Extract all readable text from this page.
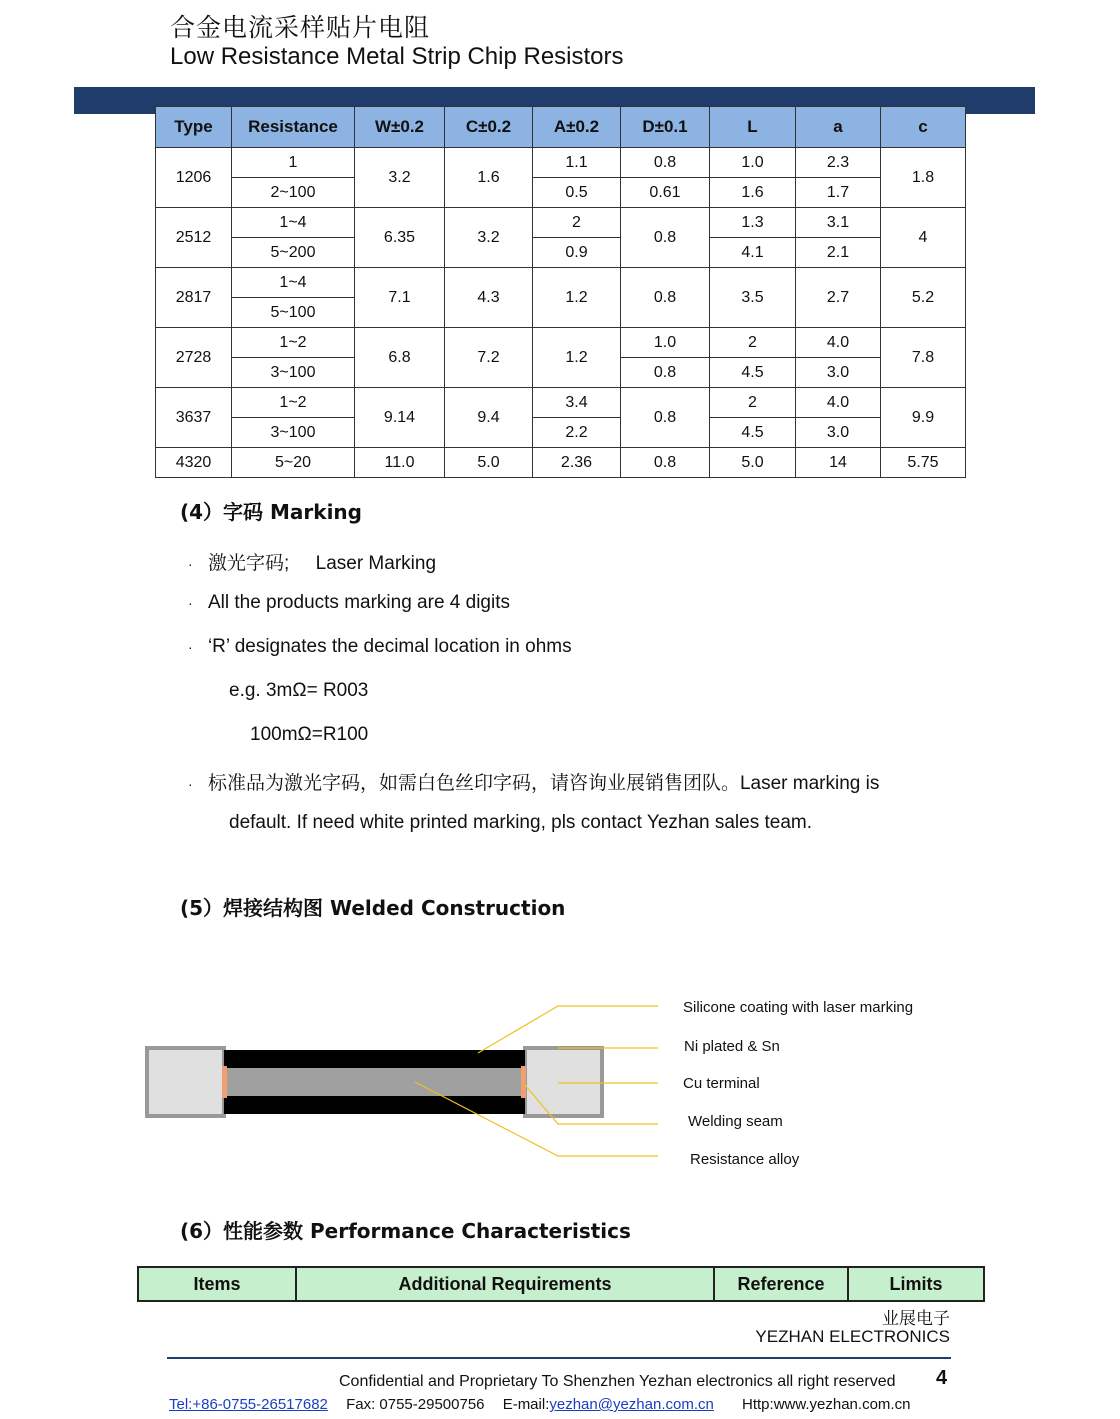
合金电流采样贴片电阻
Low Resistance Metal Strip Chip Resistors
Type	Resistance	W±0.2	C±0.2	A±0.2	D±0.1	L	a	c
1206	1	3.2	1.6	1.1	0.8	1.0	2.3	1.8
	2~100			0.5	0.61	1.6	1.7	
2512	1~4	6.35	3.2	2	0.8	1.3	3.1	4
	5~200			0.9		4.1	2.1	
2817	1~4	7.1	4.3	1.2	0.8	3.5	2.7	5.2
	5~100							
2728	1~2	6.8	7.2	1.2	1.0	2	4.0	7.8
	3~100				0.8	4.5	3.0	
3637	1~2	9.14	9.4	3.4	0.8	2	4.0	9.9
	3~100			2.2		4.5	3.0	
4320	5~20	11.0	5.0	2.36	0.8	5.0	14	5.75
(4）字码 Marking
· 激光字码;     Laser Marking
· All the products marking are 4 digits
· ‘R’ designates the decimal location in ohms
e.g. 3mΩ= R003
100mΩ=R100
· 标准品为激光字码，如需白色丝印字码，请咨询业展销售团队。Laser marking is
default. If need white printed marking, pls contact Yezhan sales team.
(5）焊接结构图 Welded Construction
Silicone coating with laser marking
Ni plated & Sn
Cu terminal
Welding seam
Resistance alloy
(6）性能参数 Performance Characteristics
Items	Additional Requirements	Reference	Limits
业展电子
YEZHAN ELECTRONICS
Confidential and Proprietary To Shenzhen Yezhan electronics all right reserved 4
Tel:+86-0755-26517682 Fax: 0755-29500756 E-mail:yezhan@yezhan.com.cn Http:www.yezhan.com.cn
